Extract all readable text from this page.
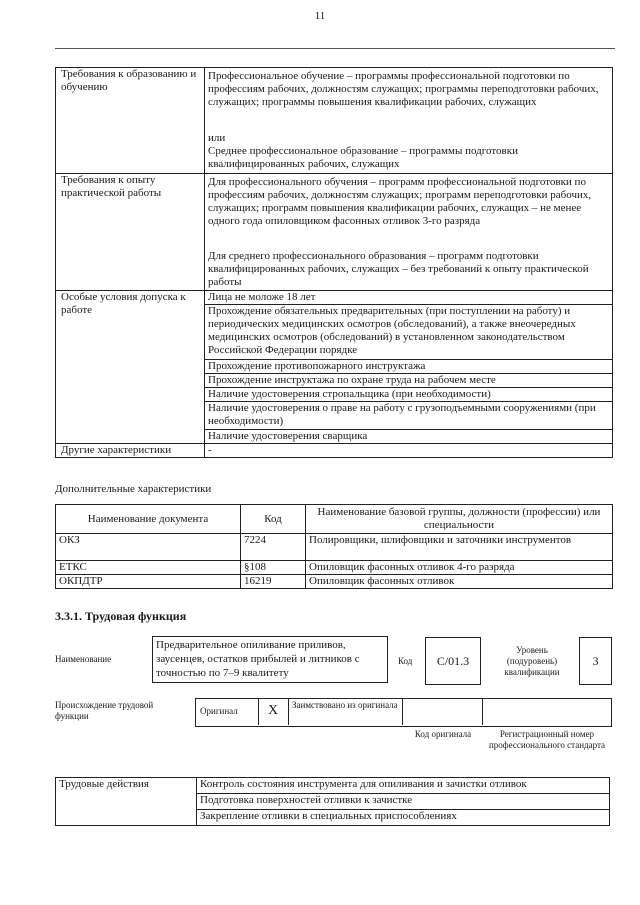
11
Требования к образованию и обучению	Профессиональное обучение – программы профессиональной подготовки по профессиям рабочих, должностям служащих; программы переподготовки рабочих, служащих; программы повышения квалификации рабочих, служащих
	или
	Среднее профессиональное образование – программы подготовки квалифицированных рабочих, служащих
Требования к опыту практической работы	Для профессионального обучения – программ профессиональной подготовки по профессиям рабочих, должностям служащих; программ переподготовки рабочих, служащих; программ повышения квалификации рабочих, служащих – не менее одного года опиловщиком фасонных отливок 3-го разряда
	Для среднего профессионального образования – программ подготовки квалифицированных рабочих, служащих – без требований к опыту практической работы
Особые условия допуска к работе	Лица не моложе 18 лет
	Прохождение обязательных предварительных (при поступлении на работу) и периодических медицинских осмотров (обследований), а также внеочередных медицинских осмотров (обследований) в установленном законодательством Российской Федерации порядке
	Прохождение противопожарного инструктажа
	Прохождение инструктажа по охране труда на рабочем месте
	Наличие удостоверения стропальщика (при необходимости)
	Наличие удостоверения о праве на работу с грузоподъемными сооружениями (при необходимости)
	Наличие удостоверения сварщика
Другие характеристики	-
Дополнительные характеристики
Наименование документа	Код	Наименование базовой группы, должности (профессии) или специальности
ОКЗ	7224	Полировщики, шлифовщики и заточники инструментов
ЕТКС	§108	Опиловщик фасонных отливок 4-го разряда
ОКПДТР	16219	Опиловщик фасонных отливок
3.3.1. Трудовая функция
Наименование
Предварительное опиливание приливов, заусенцев, остатков прибылей и литников с точностью по 7–9 квалитету
Код	С/01.3
Уровень (подуровень) квалификации
3
Происхождение трудовой функции	Оригинал X Заимствовано из оригинала
Код оригинала	Регистрационный номер профессионального стандарта
Трудовые действия	Контроль состояния инструмента для опиливания и зачистки отливок
Подготовка поверхностей отливки к зачистке
Закрепление отливки в специальных приспособлениях
